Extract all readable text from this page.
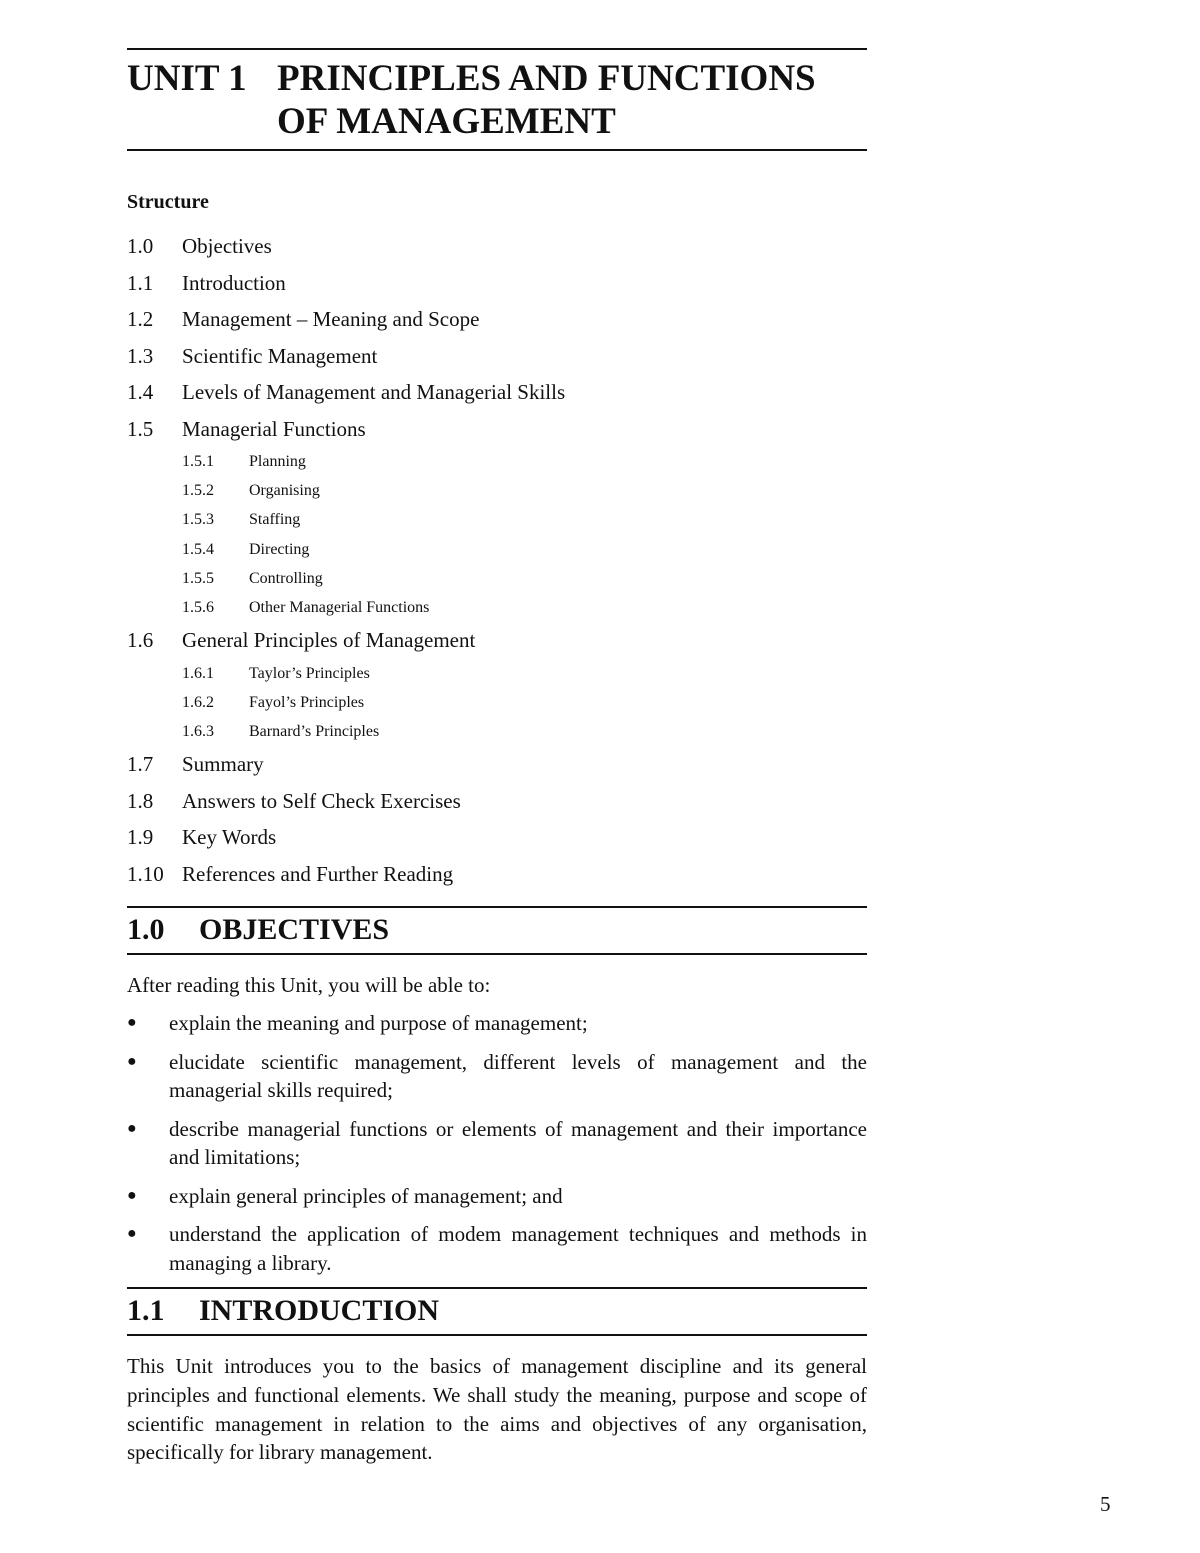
UNIT 1 PRINCIPLES AND FUNCTIONS
OF MANAGEMENT
Structure
1.0	Objectives
1.1	Introduction
1.2	Management – Meaning and Scope
1.3	Scientific Management
1.4	Levels of Management and Managerial Skills
1.5	Managerial Functions
1.5.1	Planning
1.5.2	Organising
1.5.3	Staffing
1.5.4	Directing
1.5.5	Controlling
1.5.6	Other Managerial Functions
1.6	General Principles of Management
1.6.1	Taylor’s Principles
1.6.2	Fayol’s Principles
1.6.3	Barnard’s Principles
1.7	Summary
1.8	Answers to Self Check Exercises
1.9	Key Words
1.10 References and Further Reading
1.0	OBJECTIVES
After reading this Unit, you will be able to:
●	explain the meaning and purpose of management;
●	elucidate scientific management, different levels of management and the managerial skills required;
●	describe managerial functions or elements of management and their importance and limitations;
●	explain general principles of management; and
●	understand the application of modem management techniques and methods in managing a library.
1.1	INTRODUCTION
This Unit introduces you to the basics of management discipline and its general principles and functional elements. We shall study the meaning, purpose and scope of scientific management in relation to the aims and objectives of any organisation, specifically for library management.
5
